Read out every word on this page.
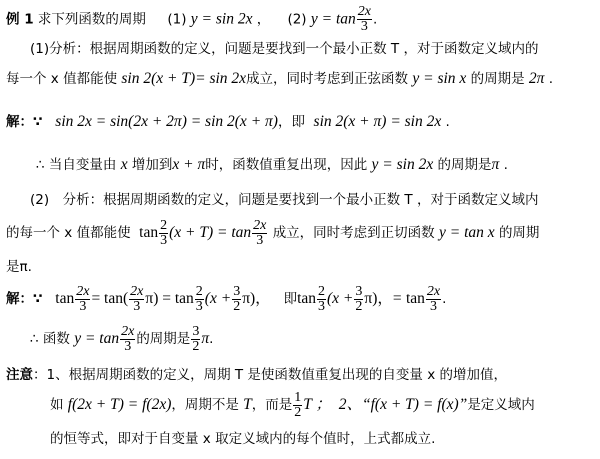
例 1 求下列函数的周期 (1) y = sin 2x ， (2) $y = \tan \frac{2x}{3}$ .
(1)分析：根据周期函数的定义，问题是要找到一个最小正数 T ，对于函数定义域内的
每一个 x 值都能使 sin 2(x + T)= sin 2x成立，同时考虑到正弦函数 y = sin x 的周期是 2π .
解：∵ sin 2x = sin(2x + 2π) = sin 2(x + π)，即 sin 2(x + π) = sin 2x .
∴ 当自变量由 x 增加到x + π时，函数值重复出现，因此 y = sin 2x 的周期是π .
(2)　分析：根据周期函数的定义，问题是要找到一个最小正数 T ，对于函数定义域内
的每一个 x 值都能使 $\tan \frac{2}{3} (x + T) = \tan \frac{2x}{3}$ 成立，同时考虑到正切函数 y = tan x 的周期
是π.
解：∵ $\tan \frac{2x}{3} = \tan( \frac{2x}{3} \pi) = \tan \frac{2}{3} (x + \frac{3}{2} \pi)$， 即$\tan \frac{2}{3} (x + \frac{3}{2} \pi)$，= $\tan \frac{2x}{3}$ .
∴ 函数 $y = \tan \frac{2x}{3}$ 的周期是 $\frac{3}{2} \pi$.
注意：1、根据周期函数的定义，周期 T 是使函数值重复出现的自变量 x 的增加值，
如 f(2x + T) = f(2x)，周期不是 T，而是 $\frac{1}{2}$ T ；　2、“f(x + T) = f(x)”是定义域内
的恒等式，即对于自变量 x 取定义域内的每个值时，上式都成立.
